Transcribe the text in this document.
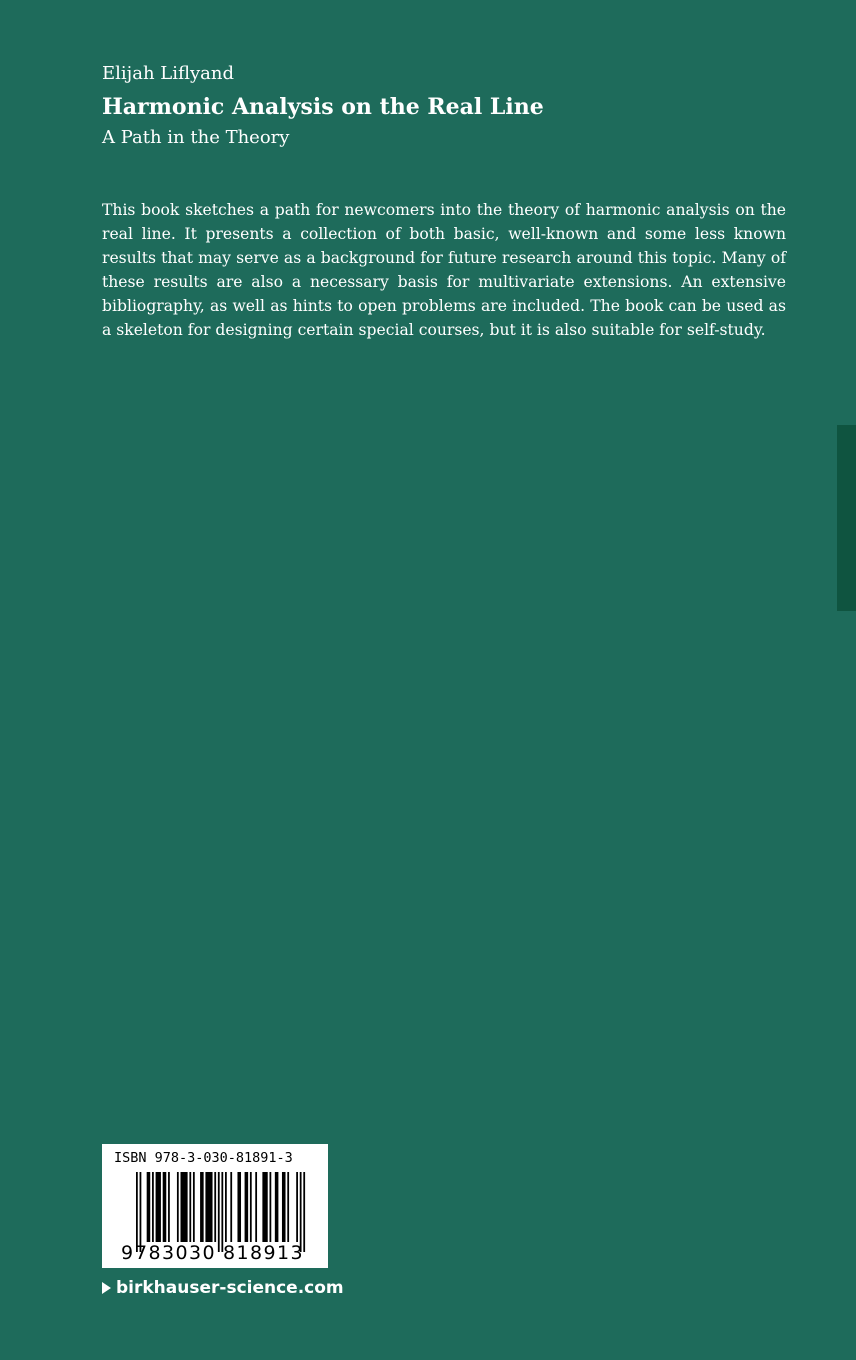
Elijah Liflyand
Harmonic Analysis on the Real Line
A Path in the Theory

This book sketches a path for newcomers into the theory of harmonic analysis on the real line. It presents a collection of both basic, well-known and some less known results that may serve as a background for future research around this topic. Many of these results are also a necessary basis for multivariate extensions. An extensive bibliography, as well as hints to open problems are included. The book can be used as a skeleton for designing certain special courses, but it is also suitable for self-study.

ISBN 978-3-030-81891-3
9 783030 818913
birkhauser-science.com
